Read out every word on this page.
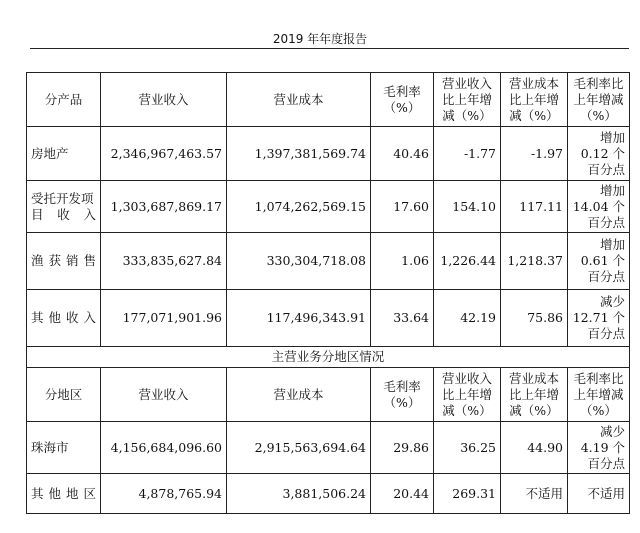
2019 年年度报告
分产品	营业收入	营业成本	毛利率（%）	营业收入比上年增减（%）	营业成本比上年增减（%）	毛利率比上年增减（%）
房地产	2,346,967,463.57	1,397,381,569.74	40.46	-1.77	-1.97	增加 0.12 个百分点
受托开发项目收入	1,303,687,869.17	1,074,262,569.15	17.60	154.10	117.11	增加 14.04 个百分点
渔获销售	333,835,627.84	330,304,718.08	1.06	1,226.44	1,218.37	增加 0.61 个百分点
其他收入	177,071,901.96	117,496,343.91	33.64	42.19	75.86	减少 12.71 个百分点
主营业务分地区情况						
分地区	营业收入	营业成本	毛利率（%）	营业收入比上年增减（%）	营业成本比上年增减（%）	毛利率比上年增减（%）
珠海市	4,156,684,096.60	2,915,563,694.64	29.86	36.25	44.90	减少 4.19 个百分点
其他地区	4,878,765.94	3,881,506.24	20.44	269.31	不适用	不适用
